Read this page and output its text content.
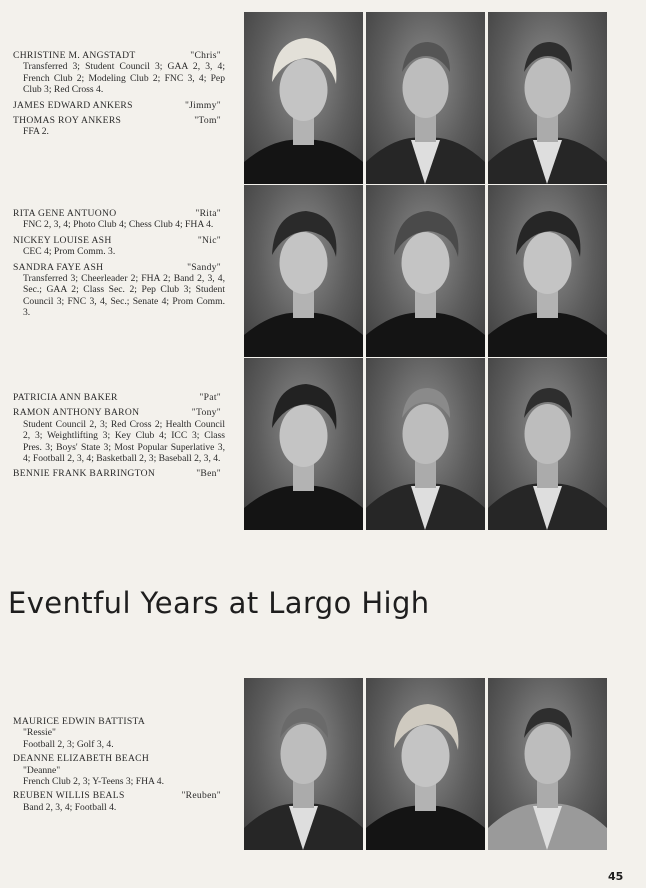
CHRISTINE M. ANGSTADT	"Chris"
Transferred 3; Student Council 3; GAA 2, 3, 4; French Club 2; Modeling Club 2; FNC 3, 4; Pep Club 3; Red Cross 4.
JAMES EDWARD ANKERS	"Jimmy"
THOMAS ROY ANKERS	"Tom"
FFA 2.
RITA GENE ANTUONO	"Rita"
FNC 2, 3, 4; Photo Club 4; Chess Club 4; FHA 4.
NICKEY LOUISE ASH	"Nic"
CEC 4; Prom Comm. 3.
SANDRA FAYE ASH	"Sandy"
Transferred 3; Cheerleader 2; FHA 2; Band 2, 3, 4, Sec.; GAA 2; Class Sec. 2; Pep Club 3; Student Council 3; FNC 3, 4, Sec.; Senate 4; Prom Comm. 3.
PATRICIA ANN BAKER	"Pat"
RAMON ANTHONY BARON	"Tony"
Student Council 2, 3; Red Cross 2; Health Council 2, 3; Weightlifting 3; Key Club 4; ICC 3; Class Pres. 3; Boys' State 3; Most Popular Superlative 3, 4; Football 2, 3, 4; Basketball 2, 3; Baseball 2, 3, 4.
BENNIE FRANK BARRINGTON	"Ben"
MAURICE EDWIN BATTISTA
"Ressie"
Football 2, 3; Golf 3, 4.
DEANNE ELIZABETH BEACH
"Deanne"
French Club 2, 3; Y-Teens 3; FHA 4.
REUBEN WILLIS BEALS	"Reuben"
Band 2, 3, 4; Football 4.
Eventful Years at Largo High
45
